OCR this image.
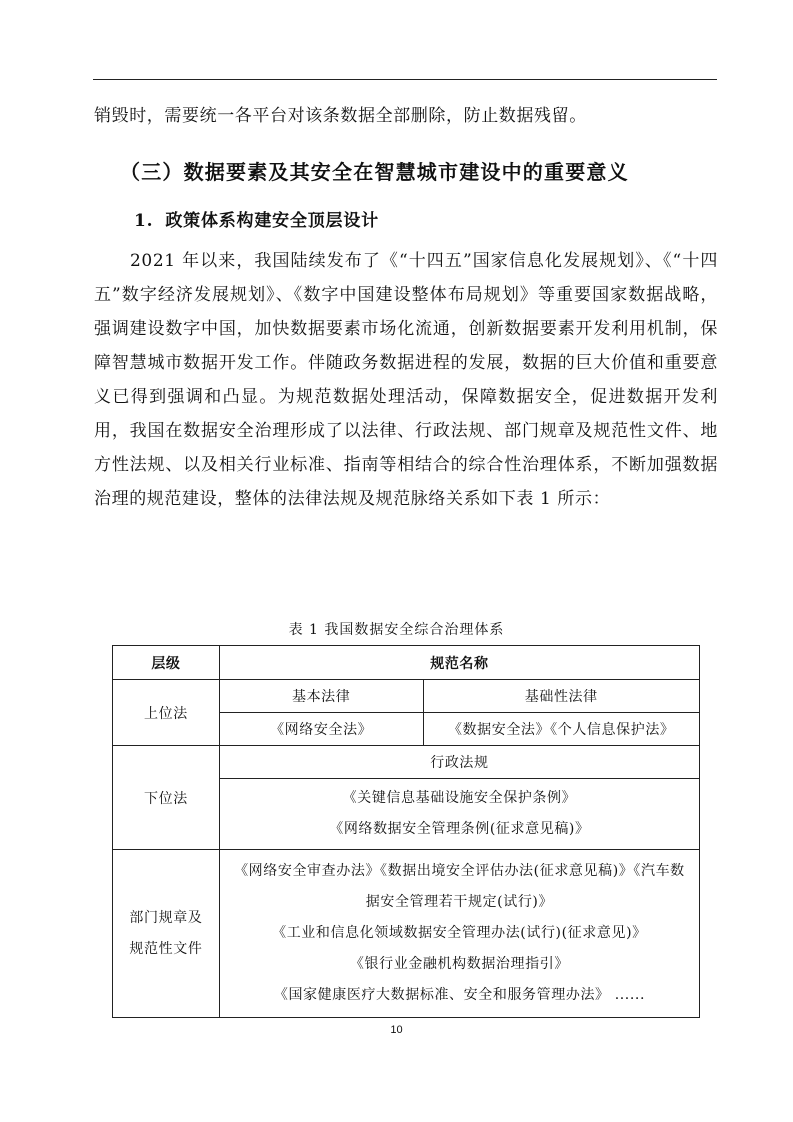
销毁时，需要统一各平台对该条数据全部删除，防止数据残留。

（三）数据要素及其安全在智慧城市建设中的重要意义
1. 政策体系构建安全顶层设计

2021 年以来，我国陆续发布了《“十四五”国家信息化发展规划》、《“十四五”数字经济发展规划》、《数字中国建设整体布局规划》等重要国家数据战略，强调建设数字中国，加快数据要素市场化流通，创新数据要素开发利用机制，保障智慧城市数据开发工作。伴随政务数据进程的发展，数据的巨大价值和重要意义已得到强调和凸显。为规范数据处理活动，保障数据安全，促进数据开发利用，我国在数据安全治理形成了以法律、行政法规、部门规章及规范性文件、地方性法规、以及相关行业标准、指南等相结合的综合性治理体系，不断加强数据治理的规范建设，整体的法律法规及规范脉络关系如下表 1 所示：

表 1 我国数据安全综合治理体系

层级	规范名称	
上位法	基本法律	基础性法律
	《网络安全法》	《数据安全法》《个人信息保护法》
下位法	行政法规	

	《关键信息基础设施安全保护条例》
《网络数据安全管理条例(征求意见稿)》	

部门规章及规范性文件	《网络安全审查办法》《数据出境安全评估办法(征求意见稿)》《汽车数据安全管理若干规定(试行)》
《工业和信息化领域数据安全管理办法(试行)(征求意见)》
《银行业金融机构数据治理指引》
《国家健康医疗大数据标准、安全和服务管理办法》 ......	

10
